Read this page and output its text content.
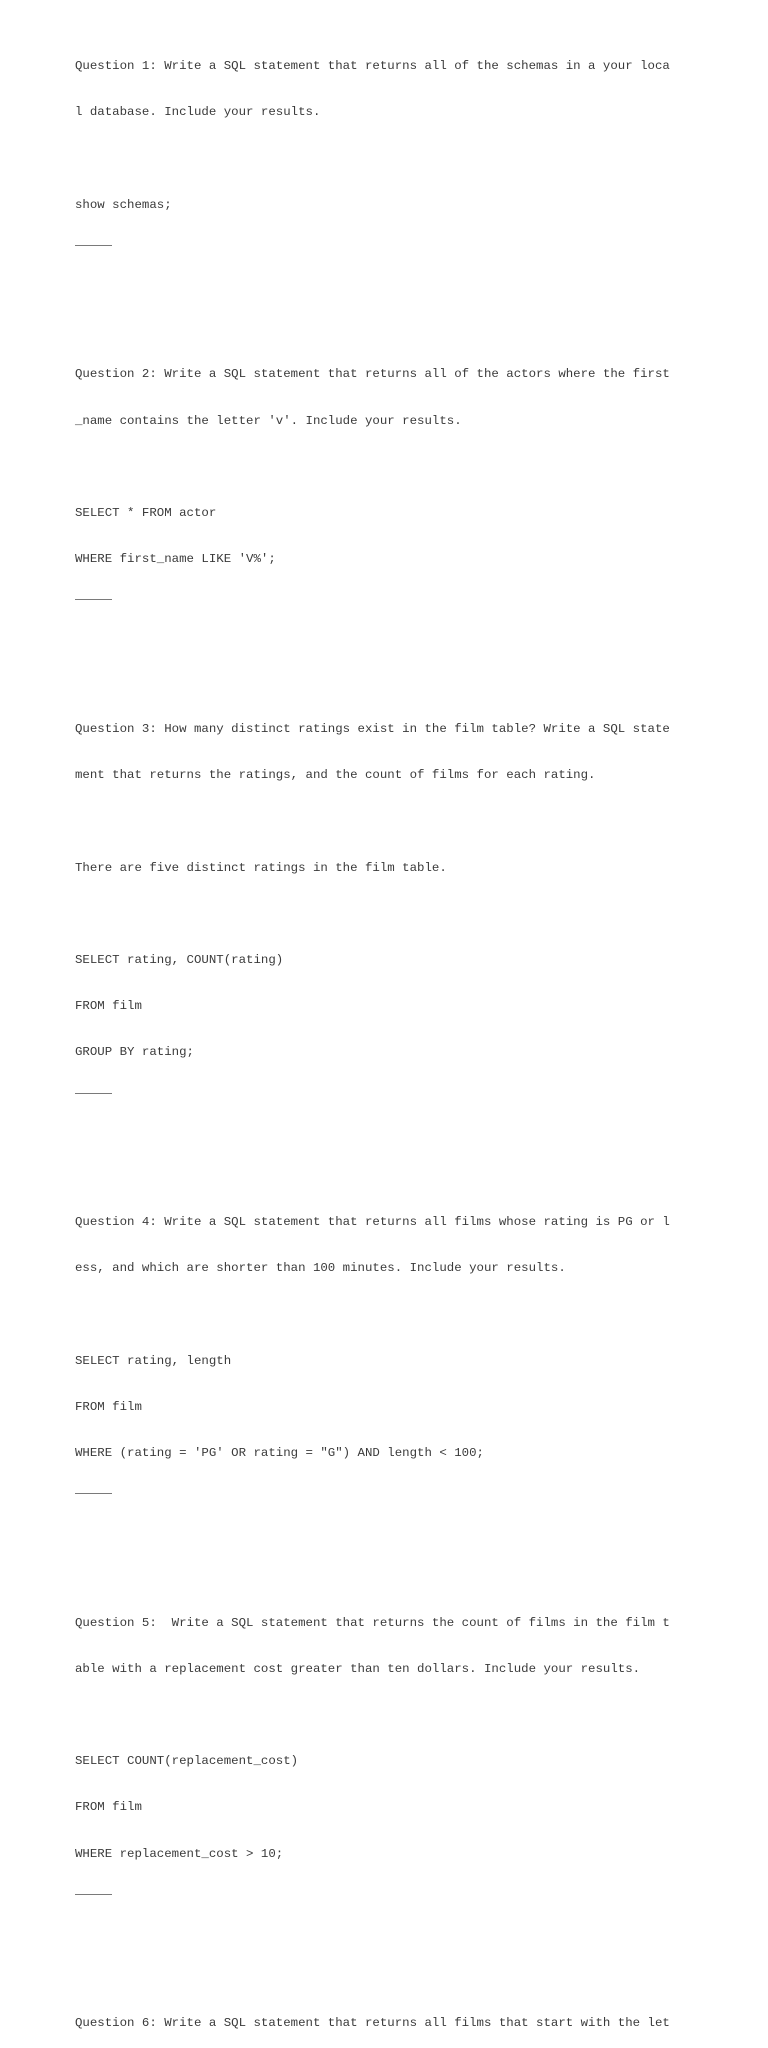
Question 1: Write a SQL statement that returns all of the schemas in a your loca

l database. Include your results.

show schemas;

Question 2: Write a SQL statement that returns all of the actors where the first

_name contains the letter 'v'. Include your results.

SELECT * FROM actor

WHERE first_name LIKE 'V%';

Question 3: How many distinct ratings exist in the film table? Write a SQL state

ment that returns the ratings, and the count of films for each rating.

There are five distinct ratings in the film table.

SELECT rating, COUNT(rating)

FROM film

GROUP BY rating;

Question 4: Write a SQL statement that returns all films whose rating is PG or l

ess, and which are shorter than 100 minutes. Include your results.

SELECT rating, length

FROM film

WHERE (rating = 'PG' OR rating = "G") AND length < 100;

Question 5:  Write a SQL statement that returns the count of films in the film t

able with a replacement cost greater than ten dollars. Include your results.

SELECT COUNT(replacement_cost)

FROM film

WHERE replacement_cost > 10;

Question 6: Write a SQL statement that returns all films that start with the let
